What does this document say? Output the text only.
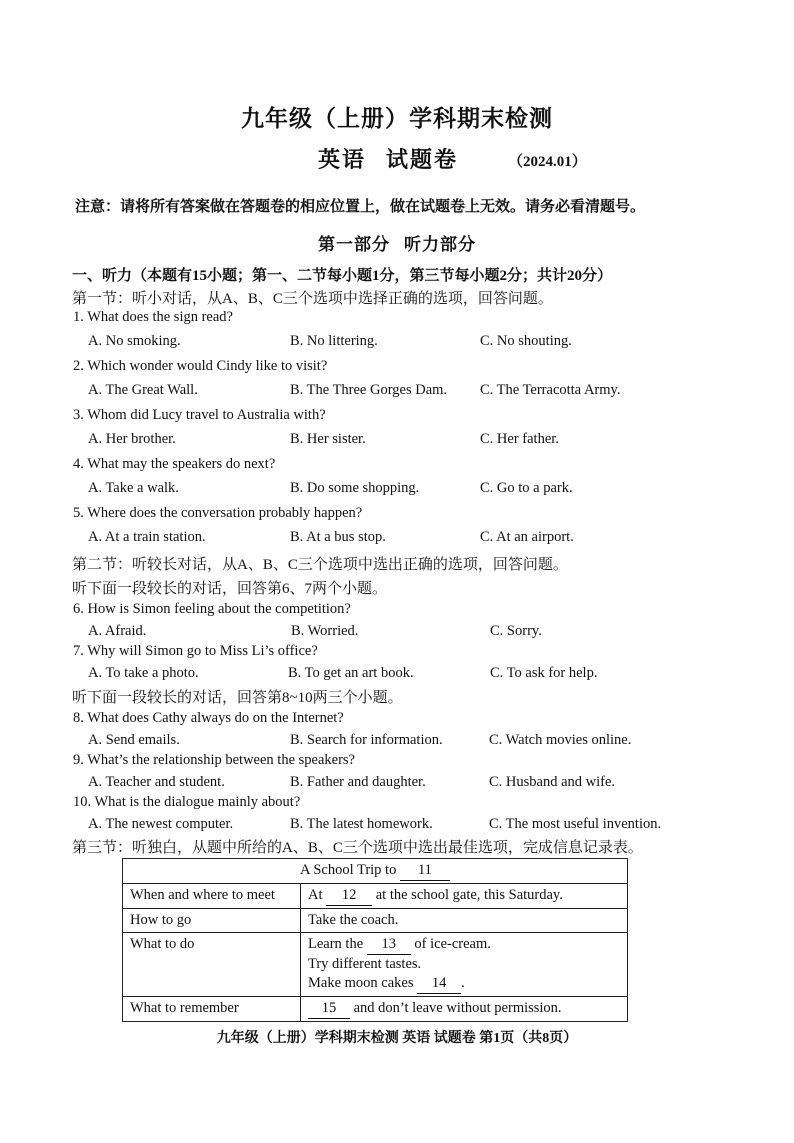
九年级（上册）学科期末检测
英语 试题卷	（2024.01）
注意：请将所有答案做在答题卷的相应位置上，做在试题卷上无效。请务必看清题号。
第一部分 听力部分
一、听力（本题有15小题；第一、二节每小题1分，第三节每小题2分；共计20分）
第一节：听小对话，从A、B、C三个选项中选择正确的选项，回答问题。
1. What does the sign read?
A. No smoking.	B. No littering.	C. No shouting.
2. Which wonder would Cindy like to visit?
A. The Great Wall.	B. The Three Gorges Dam. C. The Terracotta Army.
3. Whom did Lucy travel to Australia with?
A. Her brother.	B. Her sister.	C. Her father.
4. What may the speakers do next?
A. Take a walk.	B. Do some shopping.	C. Go to a park.
5. Where does the conversation probably happen?
A. At a train station.	B. At a bus stop.	C. At an airport.
第二节：听较长对话，从A、B、C三个选项中选出正确的选项，回答问题。
听下面一段较长的对话，回答第6、7两个小题。
6. How is Simon feeling about the competition?
A. Afraid.	B. Worried.	C. Sorry.
7. Why will Simon go to Miss Li’s office?
A. To take a photo.	B. To get an art book.	C. To ask for help.
听下面一段较长的对话，回答第8~10两三个小题。
8. What does Cathy always do on the Internet?
A. Send emails.	B. Search for information.	C. Watch movies online.
9. What’s the relationship between the speakers?
A. Teacher and student.	B. Father and daughter.	C. Husband and wife.
10. What is the dialogue mainly about?
A. The newest computer.	B. The latest homework.	C. The most useful invention.
第三节：听独白，从题中所给的A、B、C三个选项中选出最佳选项，完成信息记录表。
A School Trip to 11	
When and where to meet	At 12 at the school gate, this Saturday.
How to go	Take the coach.
What to do	Learn the 13 of ice-cream.
Try different tastes.
Make moon cakes 14 .

What to remember	15 and don’t leave without permission.
九年级（上册）学科期末检测 英语 试题卷 第1页（共8页）
